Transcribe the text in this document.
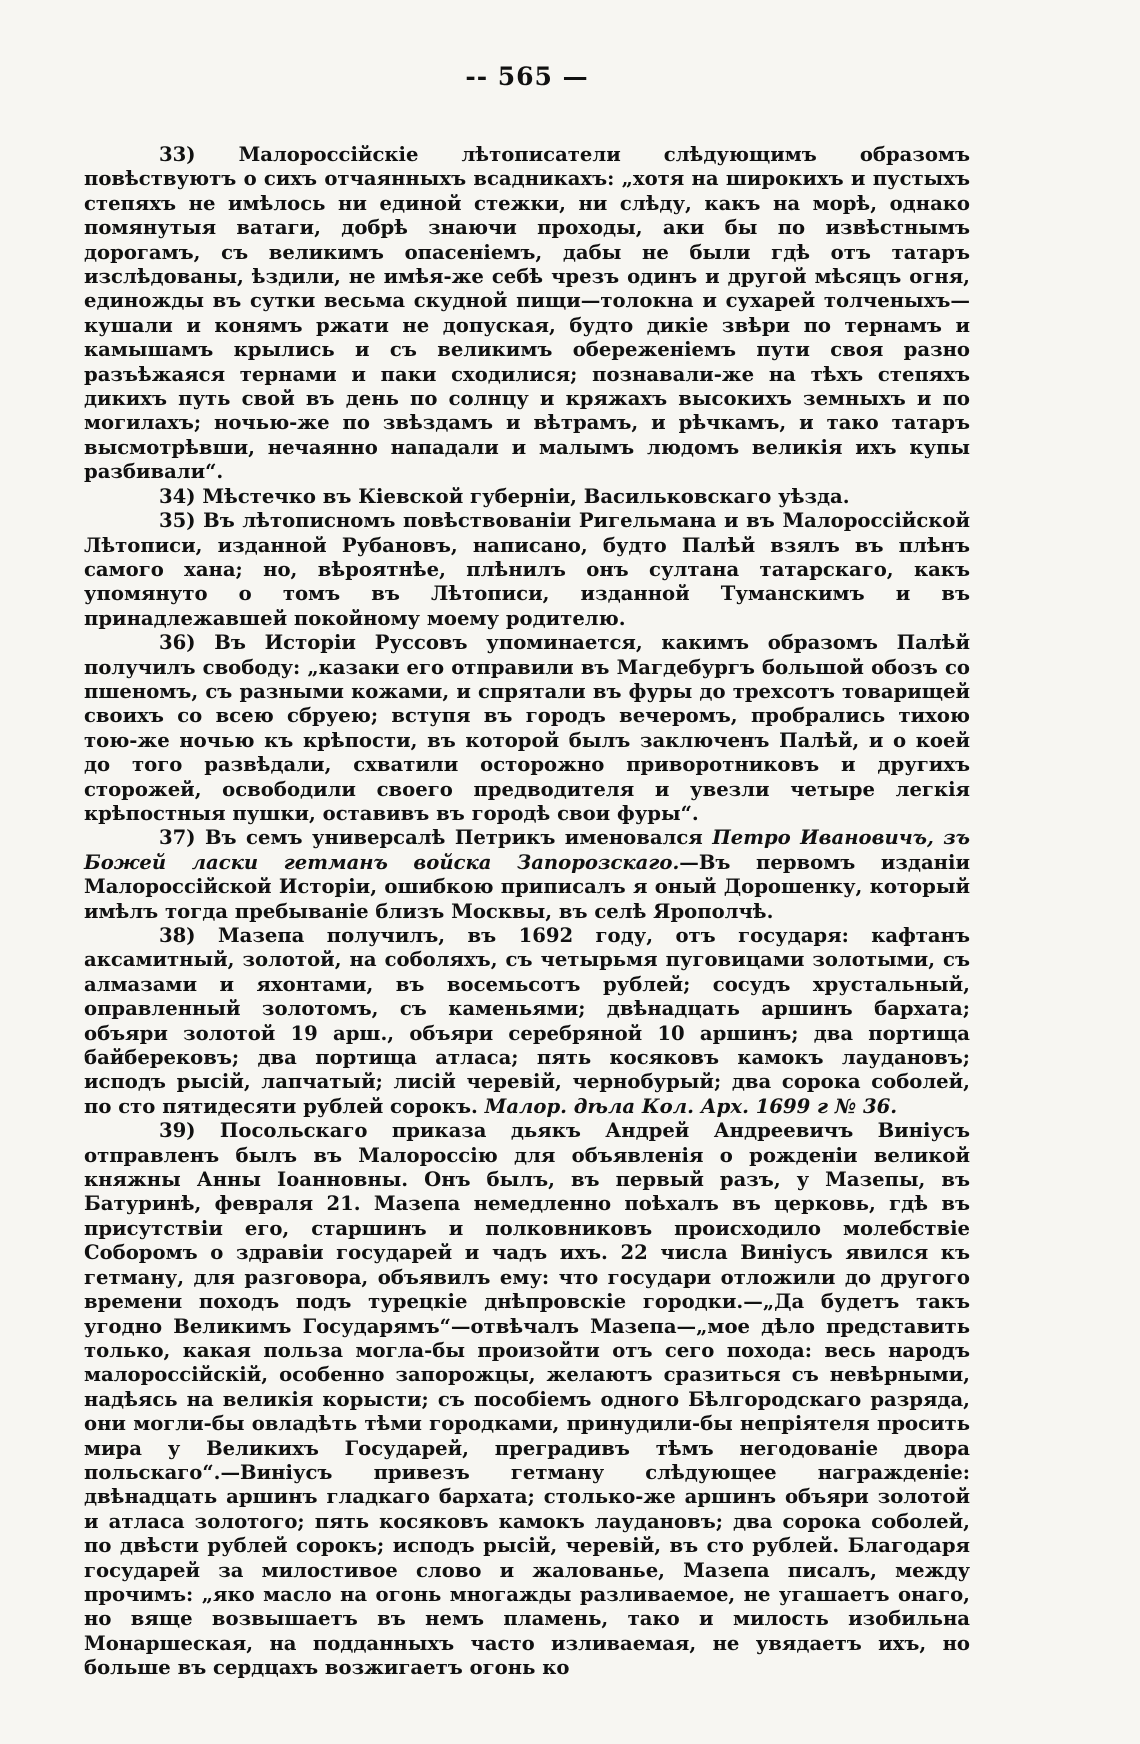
-- 565 —

33) Малороссійскіе лѣтописатели слѣдующимъ образомъ повѣствуютъ о сихъ отчаянныхъ всадникахъ: „хотя на широкихъ и пустыхъ степяхъ не имѣлось ни единой стежки, ни слѣду, какъ на морѣ, однако помянутыя ватаги, добрѣ знаючи проходы, аки бы по извѣстнымъ дорогамъ, съ великимъ опасеніемъ, дабы не были гдѣ отъ татаръ изслѣдованы, ѣздили, не имѣя-же себѣ чрезъ одинъ и другой мѣсяцъ огня, единожды въ сутки весьма скудной пищи—толокна и сухарей толченыхъ—кушали и конямъ ржати не допуская, будто дикіе звѣри по тернамъ и камышамъ крылись и съ великимъ обереженіемъ пути своя разно разъѣжаяся тернами и паки сходилися; познавали-же на тѣхъ степяхъ дикихъ путь свой въ день по солнцу и кряжахъ высокихъ земныхъ и по могилахъ; ночью-же по звѣздамъ и вѣтрамъ, и рѣчкамъ, и тако татаръ высмотрѣвши, нечаянно нападали и малымъ людомъ великія ихъ купы разбивали“.

34) Мѣстечко въ Кіевской губерніи, Васильковскаго уѣзда.

35) Въ лѣтописномъ повѣствованіи Ригельмана и въ Малороссійской Лѣтописи, изданной Рубановъ, написано, будто Палѣй взялъ въ плѣнъ самого хана; но, вѣроятнѣе, плѣнилъ онъ султана татарскаго, какъ упомянуто о томъ въ Лѣтописи, изданной Туманскимъ и въ принадлежавшей покойному моему родителю.

36) Въ Исторіи Руссовъ упоминается, какимъ образомъ Палѣй получилъ свободу: „казаки его отправили въ Магдебургъ большой обозъ со пшеномъ, съ разными кожами, и спрятали въ фуры до трехсотъ товарищей своихъ со всею сбруею; вступя въ городъ вечеромъ, пробрались тихою тою-же ночью къ крѣпости, въ которой былъ заключенъ Палѣй, и о коей до того развѣдали, схватили осторожно приворотниковъ и другихъ сторожей, освободили своего предводителя и увезли четыре легкія крѣпостныя пушки, оставивъ въ городѣ свои фуры“.

37) Въ семъ универсалѣ Петрикъ именовался Петро Ивановичъ, зъ Божей ласки гетманъ войска Запорозскаго.—Въ первомъ изданіи Малороссійской Исторіи, ошибкою приписалъ я оный Дорошенку, который имѣлъ тогда пребываніе близъ Москвы, въ селѣ Ярополчѣ.

38) Мазепа получилъ, въ 1692 году, отъ государя: кафтанъ аксамитный, золотой, на соболяхъ, съ четырьмя пуговицами золотыми, съ алмазами и яхонтами, въ восемьсотъ рублей; сосудъ хрустальный, оправленный золотомъ, съ каменьями; двѣнадцать аршинъ бархата; объяри золотой 19 арш., объяри серебряной 10 аршинъ; два портища байберековъ; два портища атласа; пять косяковъ камокъ лаудановъ; исподъ рысій, лапчатый; лисій черевій, чернобурый; два сорока соболей, по сто пятидесяти рублей сорокъ. Малор. дѣла Кол. Арх. 1699 г № 36.

39) Посольскаго приказа дьякъ Андрей Андреевичъ Виніусъ отправленъ былъ въ Малороссію для объявленія о рожденіи великой княжны Анны Іоанновны. Онъ былъ, въ первый разъ, у Мазепы, въ Батуринѣ, февраля 21. Мазепа немедленно поѣхалъ въ церковь, гдѣ въ присутствіи его, старшинъ и полковниковъ происходило молебствіе Соборомъ о здравіи государей и чадъ ихъ. 22 числа Виніусъ явился къ гетману, для разговора, объявилъ ему: что государи отложили до другого времени походъ подъ турецкіе днѣпровскіе городки.—„Да будетъ такъ угодно Великимъ Государямъ“—отвѣчалъ Мазепа—„мое дѣло представить только, какая польза могла-бы произойти отъ сего похода: весь народъ малороссійскій, особенно запорожцы, желаютъ сразиться съ невѣрными, надѣясь на великія корысти; съ пособіемъ одного Бѣлгородскаго разряда, они могли-бы овладѣть тѣми городками, принудили-бы непріятеля просить мира у Великихъ Государей, преградивъ тѣмъ негодованіе двора польскаго“.—Виніусъ привезъ гетману слѣдующее награжденіе: двѣнадцать аршинъ гладкаго бархата; столько-же аршинъ объяри золотой и атласа золотого; пять косяковъ камокъ лаудановъ; два сорока соболей, по двѣсти рублей сорокъ; исподъ рысій, черевій, въ сто рублей. Благодаря государей за милостивое слово и жалованье, Мазепа писалъ, между прочимъ: „яко масло на огонь многажды разливаемое, не угашаетъ онаго, но вяще возвышаетъ въ немъ пламень, тако и милость изобильна Монаршеская, на подданныхъ часто изливаемая, не увядаетъ ихъ, но больше въ сердцахъ возжигаетъ огонь ко
